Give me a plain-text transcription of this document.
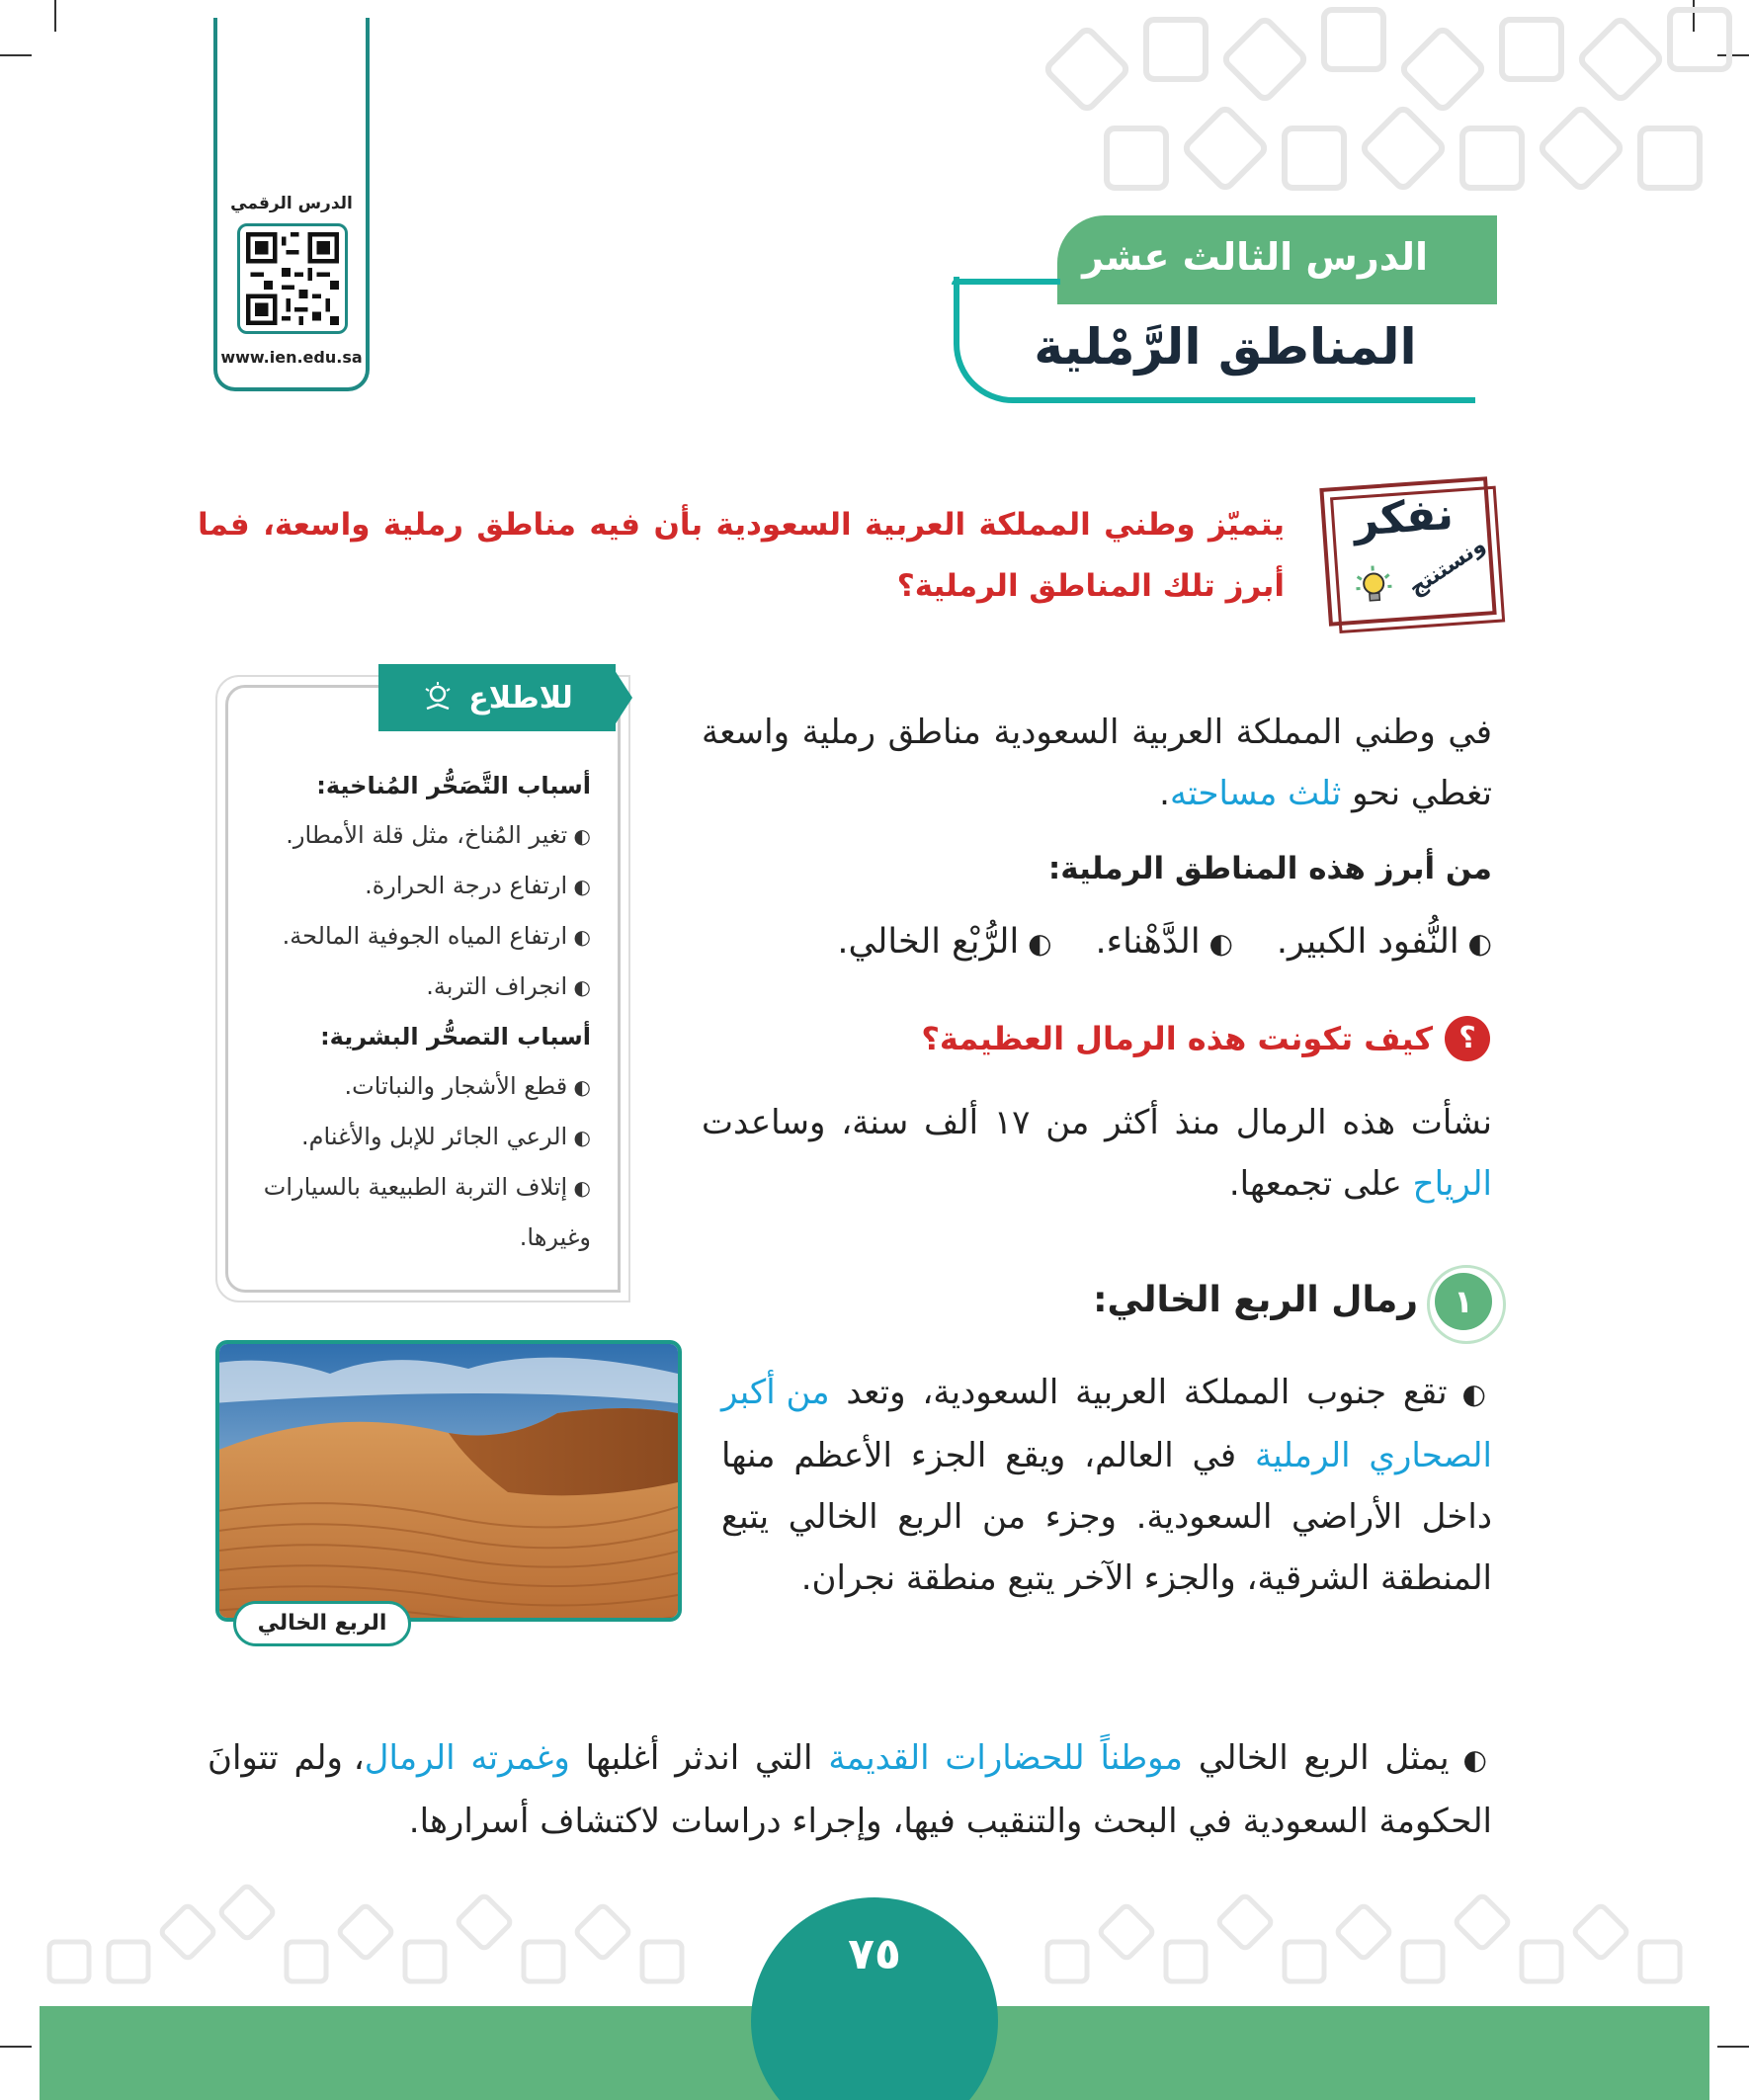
الدرس الرقمي
www.ien.edu.sa
الدرس الثالث عشر
المناطق الرَّمْلية
نفكر
ونستنتج
يتميّز وطني المملكة العربية السعودية بأن فيه مناطق رملية واسعة، فما أبرز تلك المناطق الرملية؟
للاطلاع
أسباب التَّصَحُّر المُناخية:
◐ تغير المُناخ، مثل قلة الأمطار.
◐ ارتفاع درجة الحرارة.
◐ ارتفاع المياه الجوفية المالحة.
◐ انجراف التربة.
أسباب التصحُّر البشرية:
◐ قطع الأشجار والنباتات.
◐ الرعي الجائر للإبل والأغنام.
◐ إتلاف التربة الطبيعية بالسيارات وغيرها.
في وطني المملكة العربية السعودية مناطق رملية واسعة تغطي نحو ثلث مساحته.
من أبرز هذه المناطق الرملية:
◐ النُّفود الكبير.
◐ الدَّهْناء.
◐ الرُّبْع الخالي.
؟
كيف تكونت هذه الرمال العظيمة؟
نشأت هذه الرمال منذ أكثر من ١٧ ألف سنة، وساعدت الرياح على تجمعها.
١
رمال الربع الخالي:
◐ تقع جنوب المملكة العربية السعودية، وتعد من أكبر الصحاري الرملية في العالم، ويقع الجزء الأعظم منها داخل الأراضي السعودية. وجزء من الربع الخالي يتبع المنطقة الشرقية، والجزء الآخر يتبع منطقة نجران.
◐ يمثل الربع الخالي موطناً للحضارات القديمة التي اندثر أغلبها وغمرته الرمال، ولم تتوانَ الحكومة السعودية في البحث والتنقيب فيها، وإجراء دراسات لاكتشاف أسرارها.
الربع الخالي
٧٥
